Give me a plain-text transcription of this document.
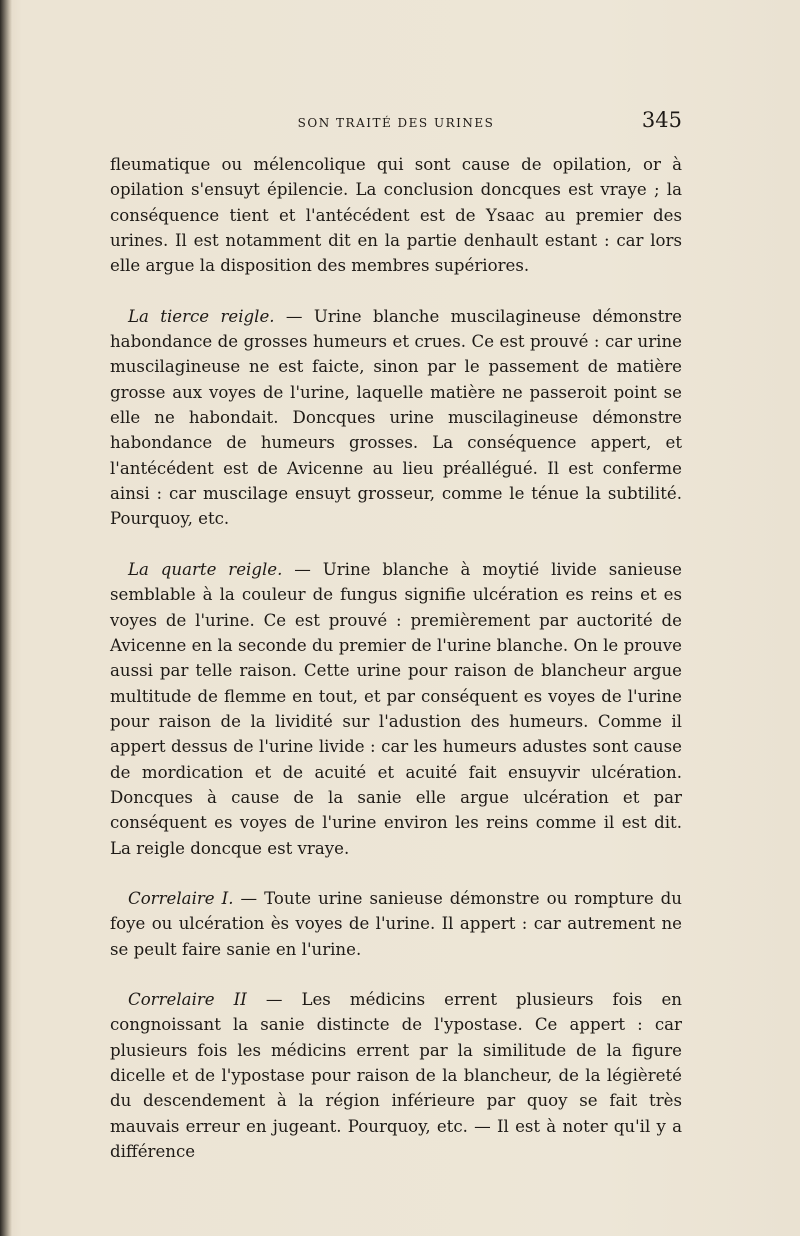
SON TRAITÉ DES URINES	345

fleumatique ou mélencolique qui sont cause de opilation, or à opilation s'ensuyt épilencie. La conclusion doncques est vraye ; la conséquence tient et l'antécédent est de Ysaac au premier des urines. Il est notamment dit en la partie denhault estant : car lors elle argue la disposition des membres supériores.

La tierce reigle. — Urine blanche muscilagineuse démonstre habondance de grosses humeurs et crues. Ce est prouvé : car urine muscilagineuse ne est faicte, sinon par le passement de matière grosse aux voyes de l'urine, laquelle matière ne passeroit point se elle ne habondait. Doncques urine muscilagineuse démonstre habondance de humeurs grosses. La conséquence appert, et l'antécédent est de Avicenne au lieu préallégué. Il est conferme ainsi : car muscilage ensuyt grosseur, comme le ténue la subtilité. Pourquoy, etc.

La quarte reigle. — Urine blanche à moytié livide sanieuse semblable à la couleur de fungus signifie ulcération es reins et es voyes de l'urine. Ce est prouvé : premièrement par auctorité de Avicenne en la seconde du premier de l'urine blanche. On le prouve aussi par telle raison. Cette urine pour raison de blancheur argue multitude de flemme en tout, et par conséquent es voyes de l'urine pour raison de la lividité sur l'adustion des humeurs. Comme il appert dessus de l'urine livide : car les humeurs adustes sont cause de mordication et de acuité et acuité fait ensuyvir ulcération. Doncques à cause de la sanie elle argue ulcération et par conséquent es voyes de l'urine environ les reins comme il est dit. La reigle doncque est vraye.

Correlaire I. — Toute urine sanieuse démonstre ou rompture du foye ou ulcération ès voyes de l'urine. Il appert : car autrement ne se peult faire sanie en l'urine.

Correlaire II — Les médicins errent plusieurs fois en congnoissant la sanie distincte de l'ypostase. Ce appert : car plusieurs fois les médicins errent par la similitude de la figure dicelle et de l'ypostase pour raison de la blancheur, de la légièreté du descendement à la région inférieure par quoy se fait très mauvais erreur en jugeant. Pourquoy, etc. — Il est à noter qu'il y a différence
